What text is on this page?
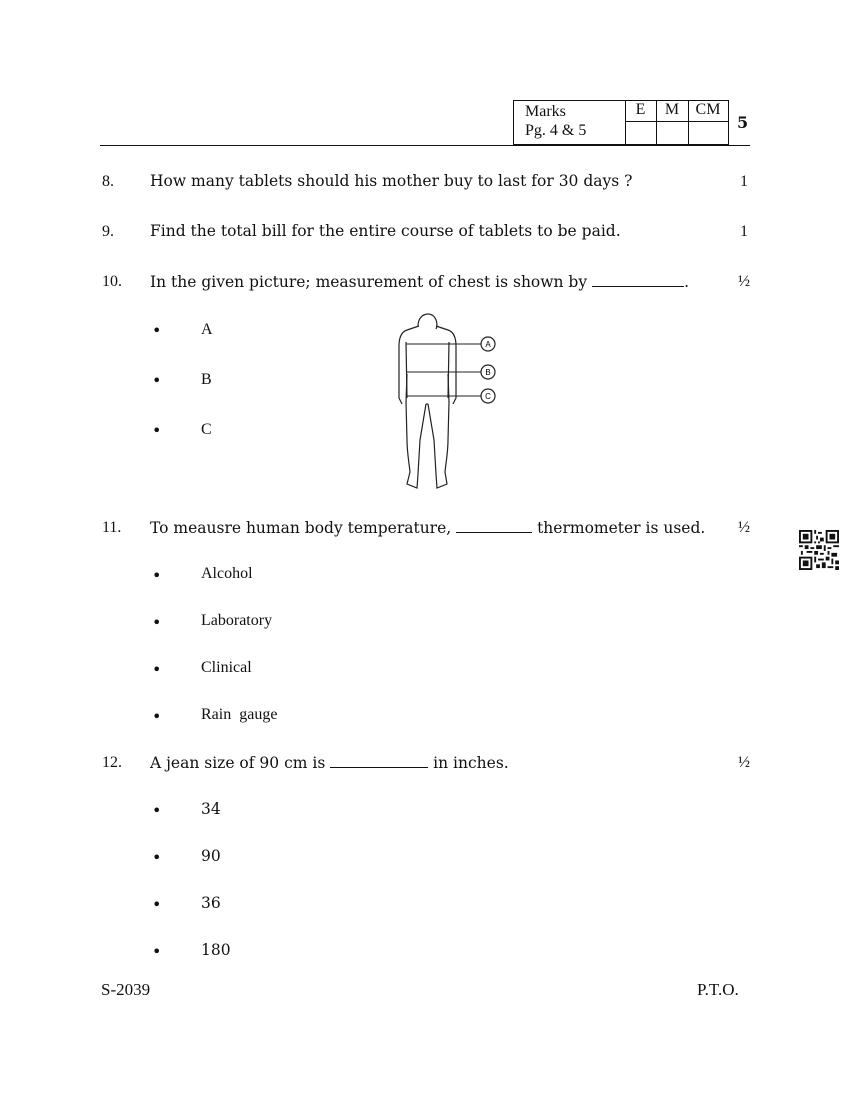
Marks
Pg. 4 & 5
E	M	CM
5
8.	How many tablets should his mother buy to last for 30 days ?	1
9.	Find the total bill for the entire course of tablets to be paid.	1
10.	In the given picture; measurement of chest is shown by	.	½
• A
• B
• C
A
B
C
11.	To meausre human body temperature,	thermometer is used.	½
• Alcohol
• Laboratory
• Clinical
• Rain  gauge
12.	A jean size of 90 cm is	in inches.	½
•	34
•	90
•	36
•	180
S-2039	P.T.O.
